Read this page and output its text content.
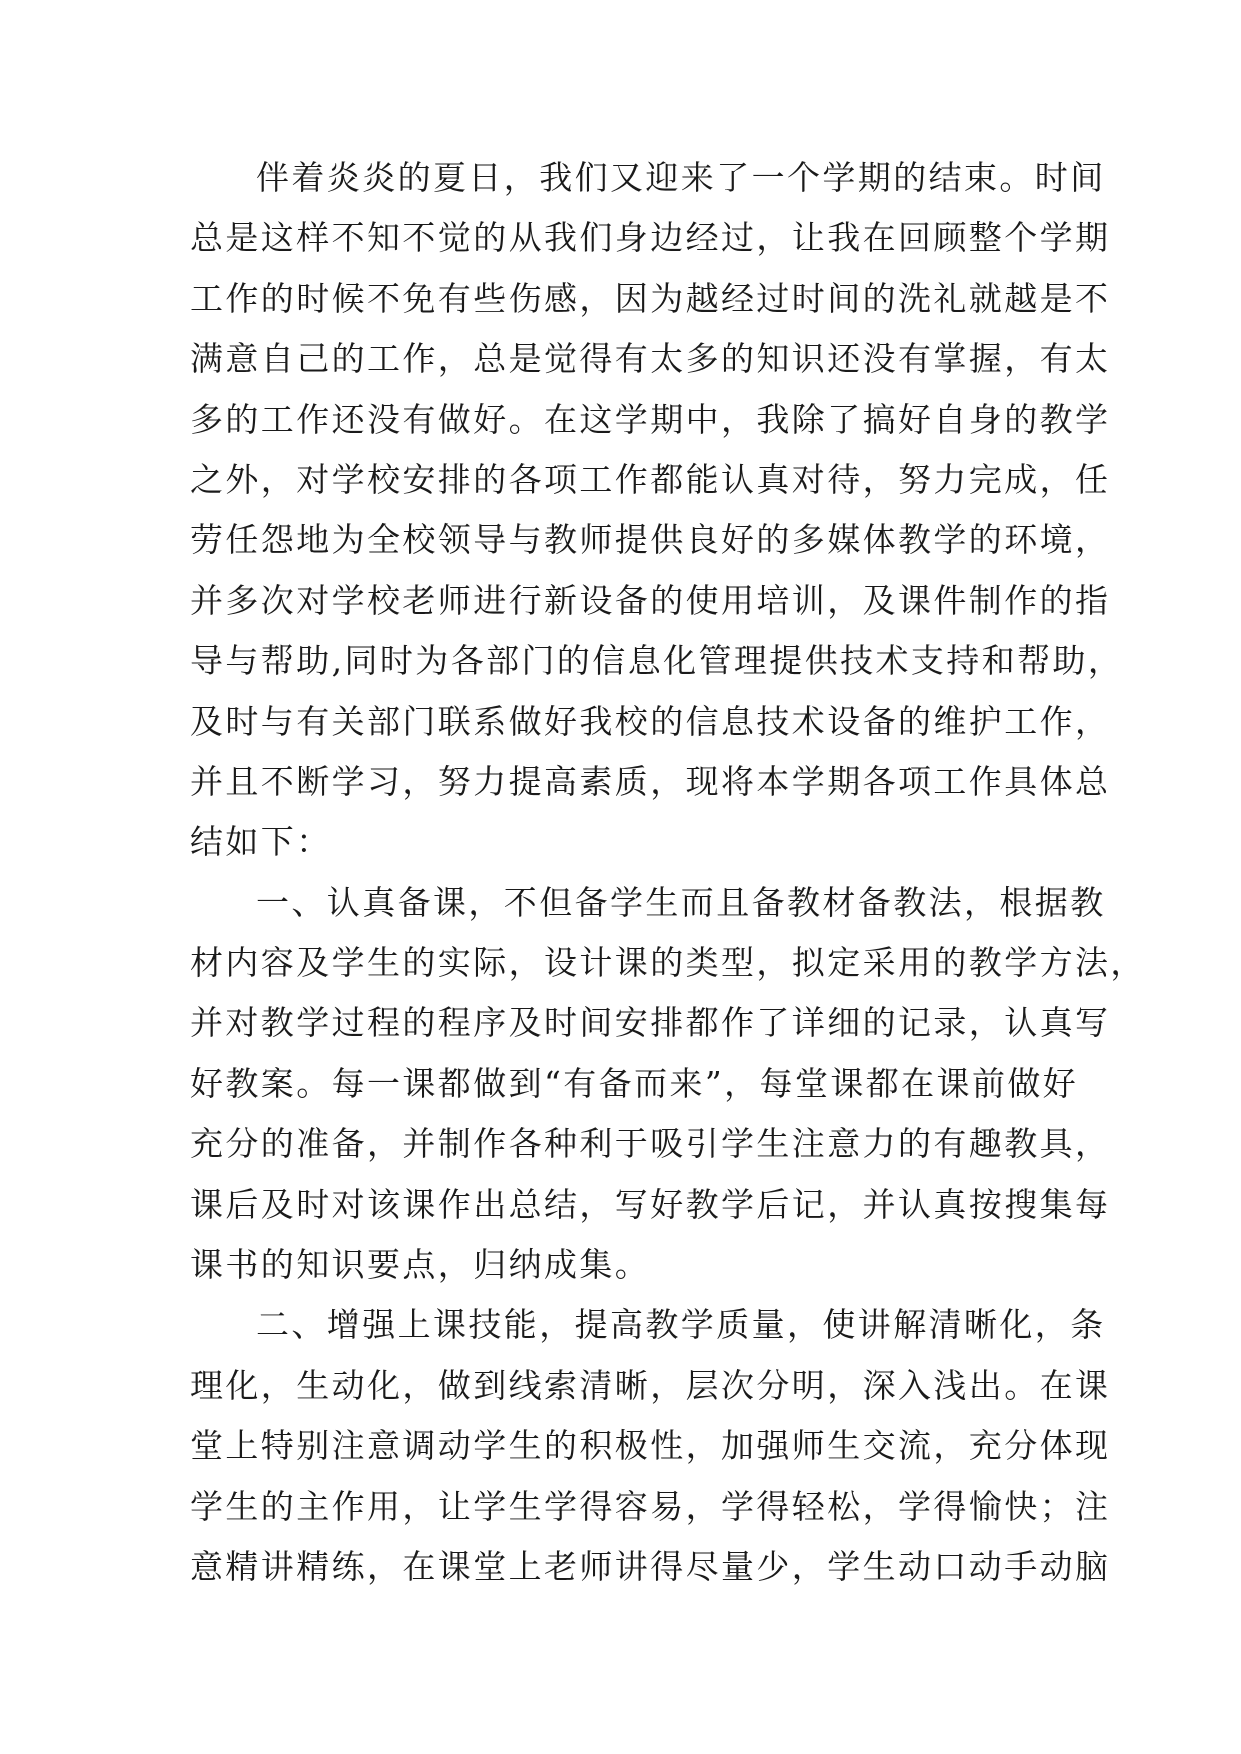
伴着炎炎的夏日，我们又迎来了一个学期的结束。时间
总是这样不知不觉的从我们身边经过，让我在回顾整个学期
工作的时候不免有些伤感，因为越经过时间的洗礼就越是不
满意自己的工作，总是觉得有太多的知识还没有掌握，有太
多的工作还没有做好。在这学期中，我除了搞好自身的教学
之外，对学校安排的各项工作都能认真对待，努力完成，任
劳任怨地为全校领导与教师提供良好的多媒体教学的环境，
并多次对学校老师进行新设备的使用培训，及课件制作的指
导与帮助,同时为各部门的信息化管理提供技术支持和帮助，
及时与有关部门联系做好我校的信息技术设备的维护工作，
并且不断学习，努力提高素质，现将本学期各项工作具体总
结如下：
一、认真备课，不但备学生而且备教材备教法，根据教
材内容及学生的实际，设计课的类型，拟定采用的教学方法，
并对教学过程的程序及时间安排都作了详细的记录，认真写
好教案。每一课都做到“有备而来”，每堂课都在课前做好
充分的准备，并制作各种利于吸引学生注意力的有趣教具，
课后及时对该课作出总结，写好教学后记，并认真按搜集每
课书的知识要点，归纳成集。
二、增强上课技能，提高教学质量，使讲解清晰化，条
理化，生动化，做到线索清晰，层次分明，深入浅出。在课
堂上特别注意调动学生的积极性，加强师生交流，充分体现
学生的主作用，让学生学得容易，学得轻松，学得愉快；注
意精讲精练，在课堂上老师讲得尽量少，学生动口动手动脑
